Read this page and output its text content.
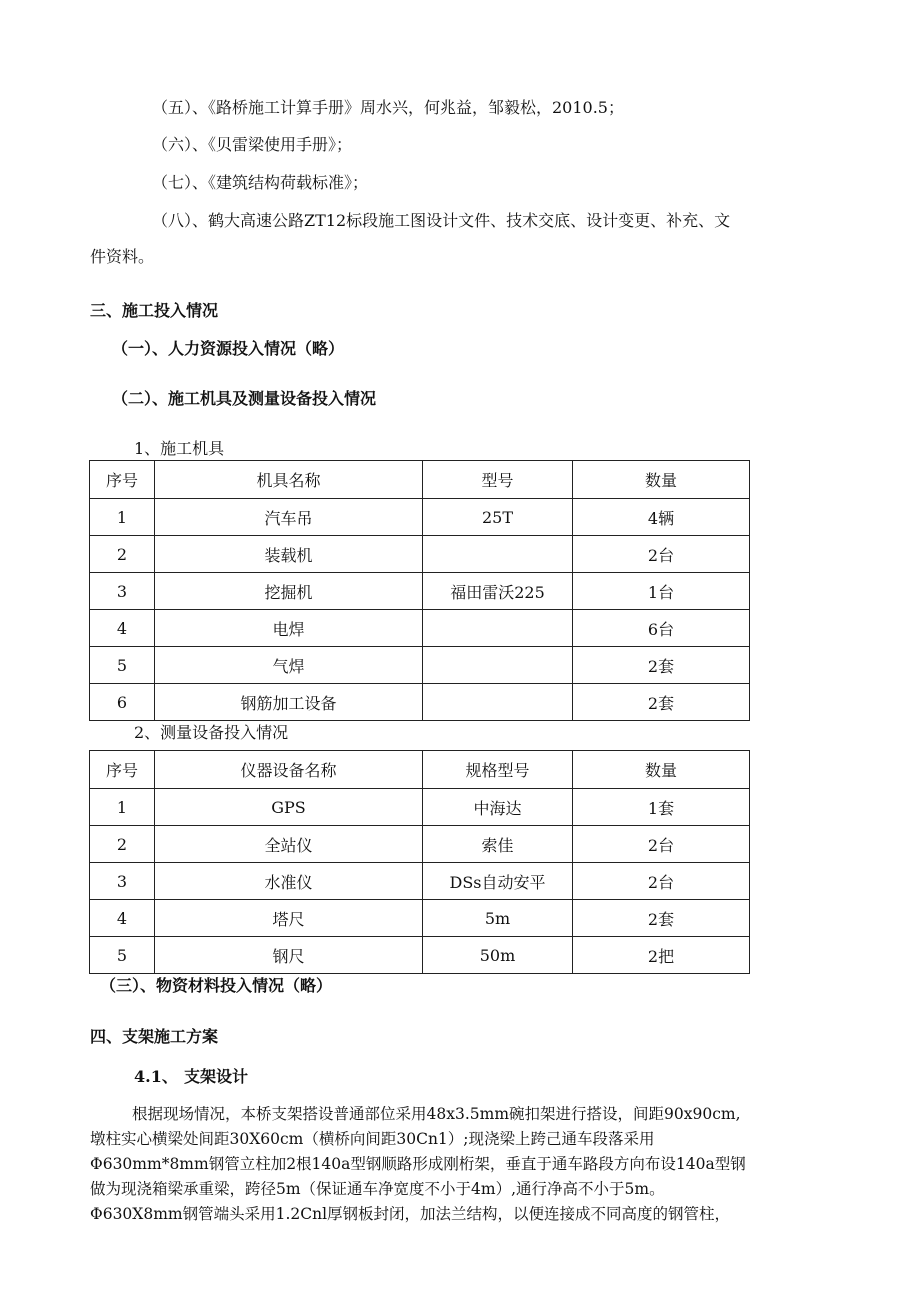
（五）、《路桥施工计算手册》周水兴，何兆益，邹毅松，2010.5；
（六）、《贝雷梁使用手册》；
（七）、《建筑结构荷载标准》；
（八）、鹤大高速公路ZT12标段施工图设计文件、技术交底、设计变更、补充、文
件资料。
三、施工投入情况
（一）、人力资源投入情况（略）
（二）、施工机具及测量设备投入情况
1、施工机具
序号	机具名称	型号	数量
1	汽车吊	25T	4辆
2	装载机		2台
3	挖掘机	福田雷沃225	1台
4	电焊		6台
5	气焊		2套
6	钢筋加工设备		2套
2、测量设备投入情况
序号	仪器设备名称	规格型号	数量
1	GPS	中海达	1套
2	全站仪	索佳	2台
3	水准仪	DSs自动安平	2台
4	塔尺	5m	2套
5	钢尺	50m	2把
（三）、物资材料投入情况（略）
四、支架施工方案
4.1、 支架设计
根据现场情况，本桥支架搭设普通部位采用48x3.5mm碗扣架进行搭设，间距90x90cm,
墩柱实心横梁处间距30X60cm（横桥向间距30Cn1）;现浇梁上跨己通车段落采用
Φ630mm*8mm钢管立柱加2根140a型钢顺路形成刚桁架，垂直于通车路段方向布设140a型钢
做为现浇箱梁承重梁，跨径5m（保证通车净宽度不小于4m）,通行净高不小于5m。
Φ630X8mm钢管端头采用1.2Cnl厚钢板封闭，加法兰结构，以便连接成不同高度的钢管柱，
